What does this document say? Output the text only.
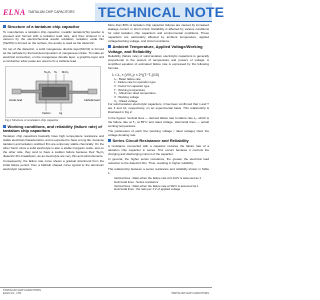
ELNA TANTALUM CHIP CAPACITORS TECHNICAL NOTE
Structure of a tantalum chip capacitor
To manufacture a tantalum chip capacitor, metallic tantalum(Ta) powder is pressed and formed with a tantalum lead wire, and then sintered in a vacuum by the electrochemical anodic oxidation; tantalum oxide film (Ta2O5) is formed on the surface, the anode is used as the dielectric.
On top of the dielectric, a solid manganese dioxide layer(MnO2) is formed as the cathode by thermal decomposition of manganese nitrate. To make an electrical connection, on the manganese dioxide layer, a graphite layer and a conductive silver paste are used to fix a cathode lead.
Ta₂O₅ Ta MnO₂
Carbon	Ag
Anode lead	Cathode lead
Fig.1 Structure of a tantalum chip capacitor
Working conditions, and reliability (failure rate) of tantalum chip capacitors
Tantalum chip capacitors basically have high temperature resistance and stable electrical characteristics, and is expected to have a long life, because tantalum and tantalum oxidized film are extremely stable chemically. On the other hand, since a solid electrolyte is also a stable inorganic oxide, and on the other side, they tend to have a sudden failure because their Ta₂O₅ dielectric film breakdown, as an electrolyte are very thin and solid elements.
Consequently, the failure rate curve shows a gradual downtrend from the initial failure period; from a bathtub shaped curve typical to the aluminum electrolytic capacitors.
More than 80% of tantalum chip capacitor failures are caused by increased leakage current or short circuit. Reliability is affected by various conditions for solid tantalum chip capacitors and environmental conditions. These capacitors are particularly affected by ambient temperature, applied voltage/working voltage, and circuit resistance.
Ambient Temperature, Applied Voltage/Working Voltage, and Reliability
Reliability (failure rate) of solid tantalum electrolytic capacitors is generally proportional to the powers of temperature and powers of voltage. A simplified equation of estimated failure rate is expressed by the following formula.
λ = λ₀ × (V/V₀)³ × 2^((T−T₀)/10)
λ₀ : Basic failure rate
λ : Failure rate for operation type
V : Factor for capacitor type
T : Working temperature
T₀ : Maximum rated temperature
V : Working voltage
V₀ : Rated voltage
For solid tantalum electrolytic capacitors, it has been confirmed that n and T are 3 and 10, respectively, on an experimental basis. This relationship is illustrated in Fig.2.
In the figures: Vertical lines — derived failure rate to failure rate λ₀, which is the failure rate at T₀ at 85°C and rated voltage. Horizontal lines — actual working temperature.
The parameters of each line (working voltage / rated voltage) show the voltage derating rate.
Series Circuit Resistance and Reliability
A resistance connected with a capacitor reduces the failure rate of a tantalum chip capacitor in series. This occurs because it controls the charging and discharging current of the capacitor.
In general, the higher series resistance, the greater the electrical load reduction to the dielectric film. Thus, resulting in higher reliability.
The relationship between a series resistance and reliability shown in Table 1.
Vertical lines : Ratio when the failure rate at 0.1Ω/V is assumed as 1
Horizontal lines : Series resistance
Vertical lines : Ratio when the failure rate at 3Ω/V is assumed as 1
Horizontal lines : the ratio per 1 V of applied voltage
TANTALUM CHIP CAPACITORS
ELNA CO., LTD.	TANTALUM CHIP CAPACITORS
